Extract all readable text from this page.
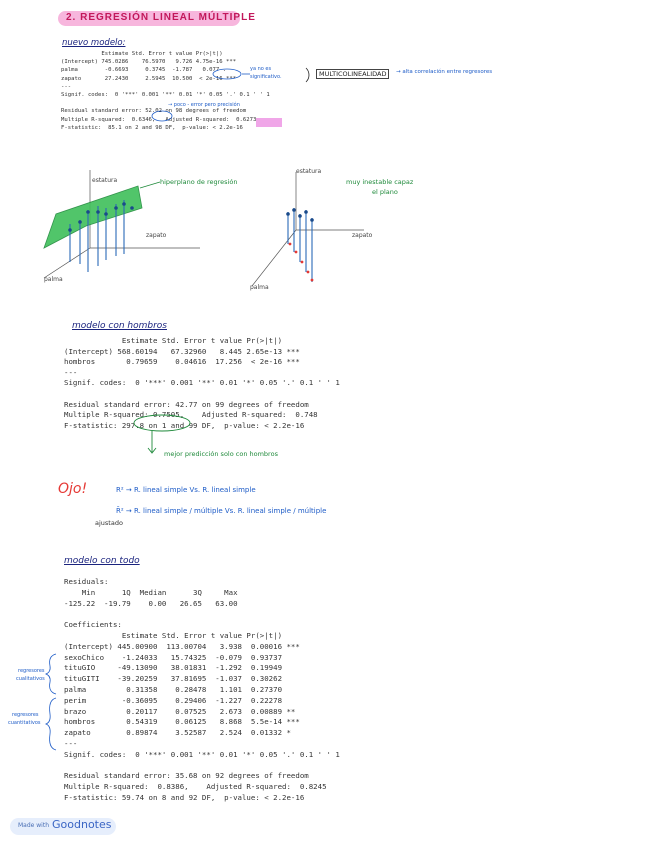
2. REGRESIÓN LINEAL MÚLTIPLE
nuevo modelo:
Estimate Std. Error t value Pr(>|t|)
(Intercept) 745.0286    76.5970   9.726 4.75e-16 ***
palma        -0.6693     0.3745  -1.787   0.077 .
zapato       27.2430     2.5945  10.500  < 2e-16 ***
---
Signif. codes:  0 '***' 0.001 '**' 0.01 '*' 0.05 '.' 0.1 ' ' 1

Residual standard error: 52.02 on 98 degrees of freedom
Multiple R-squared:  0.6346,   Adjusted R-squared:  0.6273
F-statistic:  85.1 on 2 and 98 DF,  p-value: < 2.2e-16
→ poco - error pero precisión
ya no es
significativo.	MULTICOLINEALIDAD	→ alta correlación entre regresores
estatura
zapato
palma
hiperplano de regresión
estatura
zapato
palma
muy inestable capaz
el plano
modelo con hombros
Estimate Std. Error t value Pr(>|t|)
(Intercept) 568.60194   67.32960   8.445 2.65e-13 ***
hombros       0.79659    0.04616  17.256  < 2e-16 ***
---
Signif. codes:  0 '***' 0.001 '**' 0.01 '*' 0.05 '.' 0.1 ' ' 1

Residual standard error: 42.77 on 99 degrees of freedom
Multiple R-squared: 0.7505,    Adjusted R-squared:  0.748
F-statistic: 297.8 on 1 and 99 DF,  p-value: < 2.2e-16
mejor predicción solo con hombros
Ojo!	R² → R. lineal simple Vs. R. lineal simple
R̄² → R. lineal simple / múltiple Vs. R. lineal simple / múltiple
ajustado
modelo con todo
Residuals:
Min      1Q  Median      3Q     Max
-125.22  -19.79    0.00   26.65   63.00

Coefficients:
Estimate Std. Error t value Pr(>|t|)
(Intercept) 445.00900  113.00704   3.938  0.00016 ***
sexoChico    -1.24033   15.74325  -0.079  0.93737
tituGIO     -49.13090   38.01831  -1.292  0.19949
tituGITI    -39.20259   37.81695  -1.037  0.30262
palma         0.31358    0.28478   1.101  0.27370
perim        -0.36095    0.29406  -1.227  0.22278
brazo         0.20117    0.07525   2.673  0.00889 **
hombros       0.54319    0.06125   8.868  5.5e-14 ***
zapato        0.89874    3.52587   2.524  0.01332 *
---
Signif. codes:  0 '***' 0.001 '**' 0.01 '*' 0.05 '.' 0.1 ' ' 1

Residual standard error: 35.68 on 92 degrees of freedom
Multiple R-squared:  0.8386,    Adjusted R-squared:  0.8245
F-statistic: 59.74 on 8 and 92 DF,  p-value: < 2.2e-16
regresores
cualitativos
regresores
cuantitativos
Made with Goodnotes
